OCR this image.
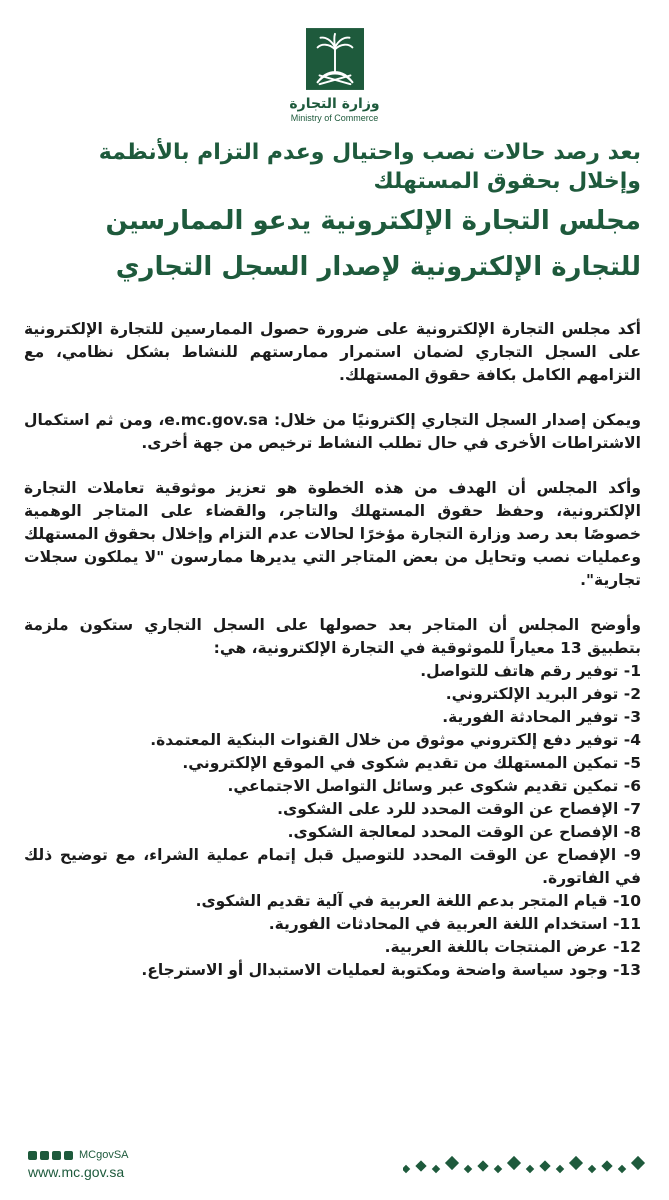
وزارة التجارة
Ministry of Commerce
بعد رصد حالات نصب واحتيال وعدم التزام بالأنظمة
وإخلال بحقوق المستهلك
مجلس التجارة الإلكترونية يدعو الممارسين
للتجارة الإلكترونية لإصدار السجل التجاري

أكد مجلس التجارة الإلكترونية على ضرورة حصول الممارسين للتجارة الإلكترونية على السجل التجاري لضمان استمرار ممارستهم للنشاط بشكل نظامي، مع التزامهم الكامل بكافة حقوق المستهلك.

ويمكن إصدار السجل التجاري إلكترونيًا من خلال: e.mc.gov.sa، ومن ثم استكمال الاشتراطات الأخرى في حال تطلب النشاط ترخيص من جهة أخرى.

وأكد المجلس أن الهدف من هذه الخطوة هو تعزيز موثوقية تعاملات التجارة الإلكترونية، وحفظ حقوق المستهلك والتاجر، والقضاء على المتاجر الوهمية خصوصًا بعد رصد وزارة التجارة مؤخرًا لحالات عدم التزام وإخلال بحقوق المستهلك وعمليات نصب وتحايل من بعض المتاجر التي يديرها ممارسون "لا يملكون سجلات تجارية".

وأوضح المجلس أن المتاجر بعد حصولها على السجل التجاري ستكون ملزمة بتطبيق 13 معياراً للموثوقية في التجارة الإلكترونية، هي:

1- توفير رقم هاتف للتواصل.
2- توفر البريد الإلكتروني.
3- توفير المحادثة الفورية.
4- توفير دفع إلكتروني موثوق من خلال القنوات البنكية المعتمدة.
5- تمكين المستهلك من تقديم شكوى في الموقع الإلكتروني.
6- تمكين تقديم شكوى عبر وسائل التواصل الاجتماعي.
7- الإفصاح عن الوقت المحدد للرد على الشكوى.
8- الإفصاح عن الوقت المحدد لمعالجة الشكوى.
9- الإفصاح عن الوقت المحدد للتوصيل قبل إتمام عملية الشراء، مع توضيح ذلك في الفاتورة.
10- قيام المتجر بدعم اللغة العربية في آلية تقديم الشكوى.
11- استخدام اللغة العربية في المحادثات الفورية.
12- عرض المنتجات باللغة العربية.
13- وجود سياسة واضحة ومكتوبة لعمليات الاستبدال أو الاسترجاع.
MCgovSA
www.mc.gov.sa
